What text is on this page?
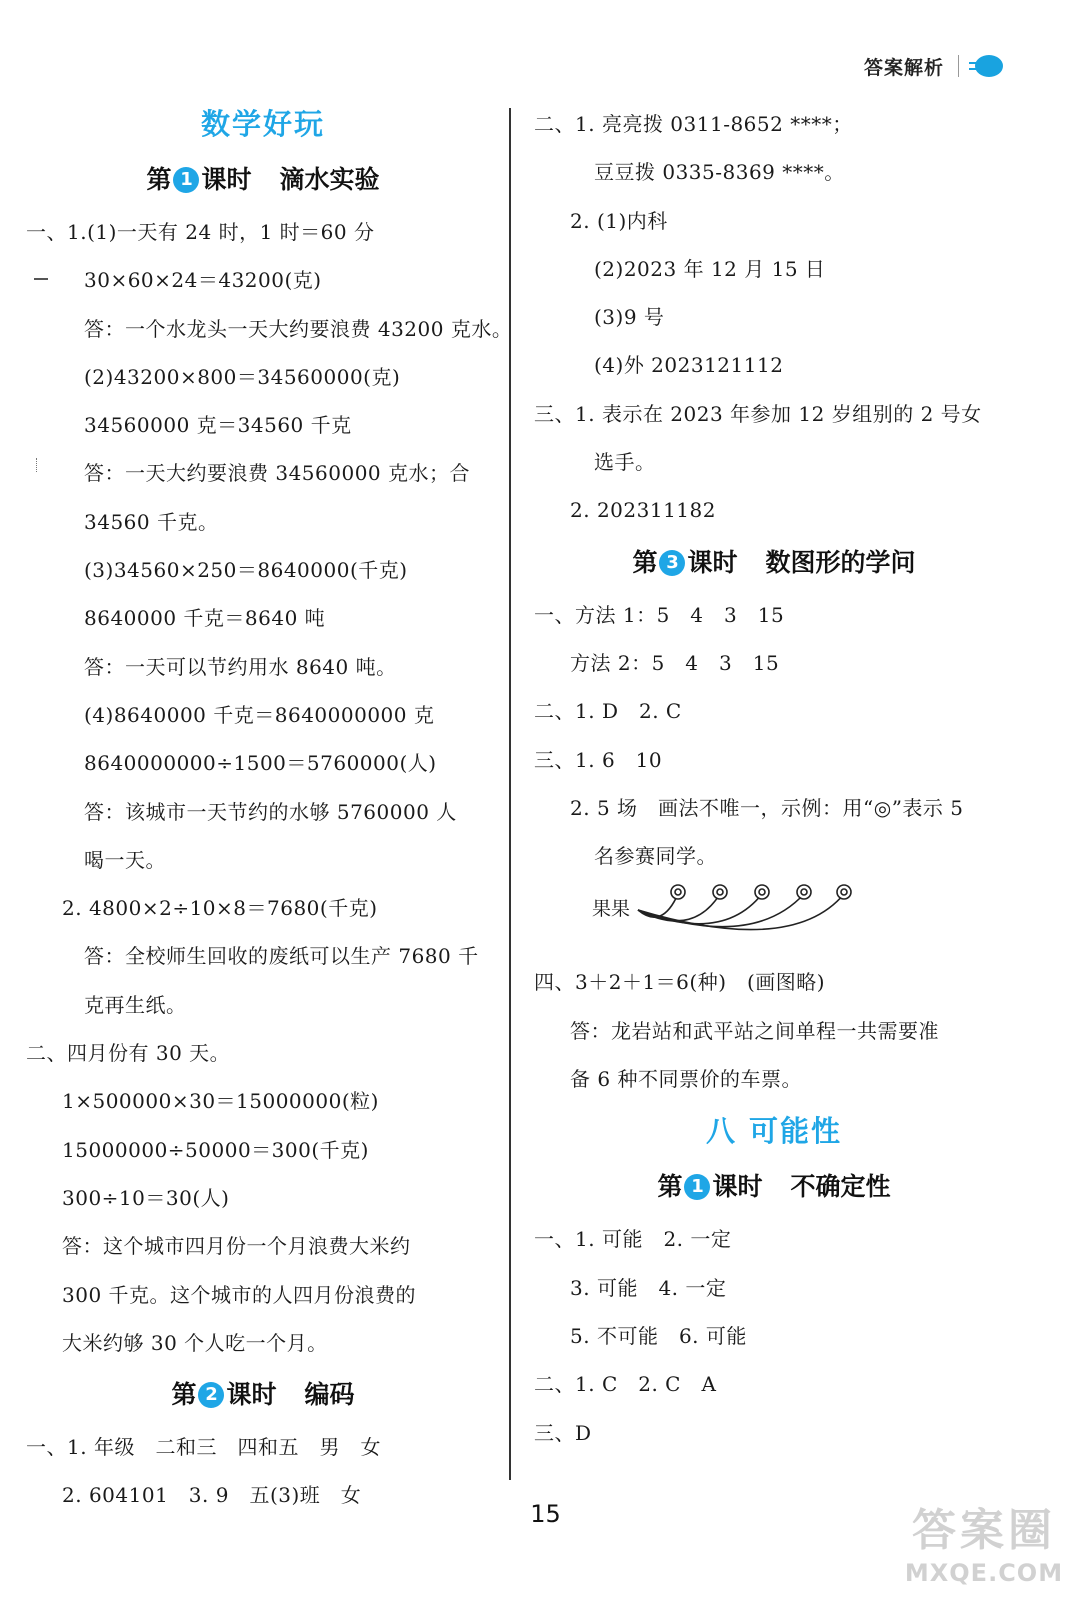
答案解析
数学好玩
第 1 课时 滴水实验
一、1.(1)一天有 24 时，1 时＝60 分
30×60×24＝43200(克)
答：一个水龙头一天大约要浪费 43200 克水。
(2)43200×800＝34560000(克)
34560000 克＝34560 千克
答：一天大约要浪费 34560000 克水；合
34560 千克。
(3)34560×250＝8640000(千克)
8640000 千克＝8640 吨
答：一天可以节约用水 8640 吨。
(4)8640000 千克＝8640000000 克
8640000000÷1500＝5760000(人)
答：该城市一天节约的水够 5760000 人
喝一天。
2. 4800×2÷10×8＝7680(千克)
答：全校师生回收的废纸可以生产 7680 千
克再生纸。
二、四月份有 30 天。
1×500000×30＝15000000(粒)
15000000÷50000＝300(千克)
300÷10＝30(人)
答：这个城市四月份一个月浪费大米约
300 千克。这个城市的人四月份浪费的
大米约够 30 个人吃一个月。
第 2 课时 编码
一、1. 年级　二和三　四和五　男　女
2. 604101　3. 9　五(3)班　女
二、1. 亮亮拨 0311-8652 ****；
豆豆拨 0335-8369 ****。
2. (1)内科
(2)2023 年 12 月 15 日
(3)9 号
(4)外 2023121112
三、1. 表示在 2023 年参加 12 岁组别的 2 号女
选手。
2. 202311182
第 3 课时 数图形的学问
一、方法 1：5　4　3　15
方法 2：5　4　3　15
二、1. D　2. C
三、1. 6　10
2. 5 场　画法不唯一，示例：用“◎”表示 5
名参赛同学。
果果
四、3＋2＋1＝6(种)　(画图略)
答：龙岩站和武平站之间单程一共需要准
备 6 种不同票价的车票。
八 可能性
第 1 课时 不确定性
一、1. 可能　2. 一定
3. 可能　4. 一定
5. 不可能　6. 可能
二、1. C　2. C　A
三、D
15	答案圈
MXQE.COM
